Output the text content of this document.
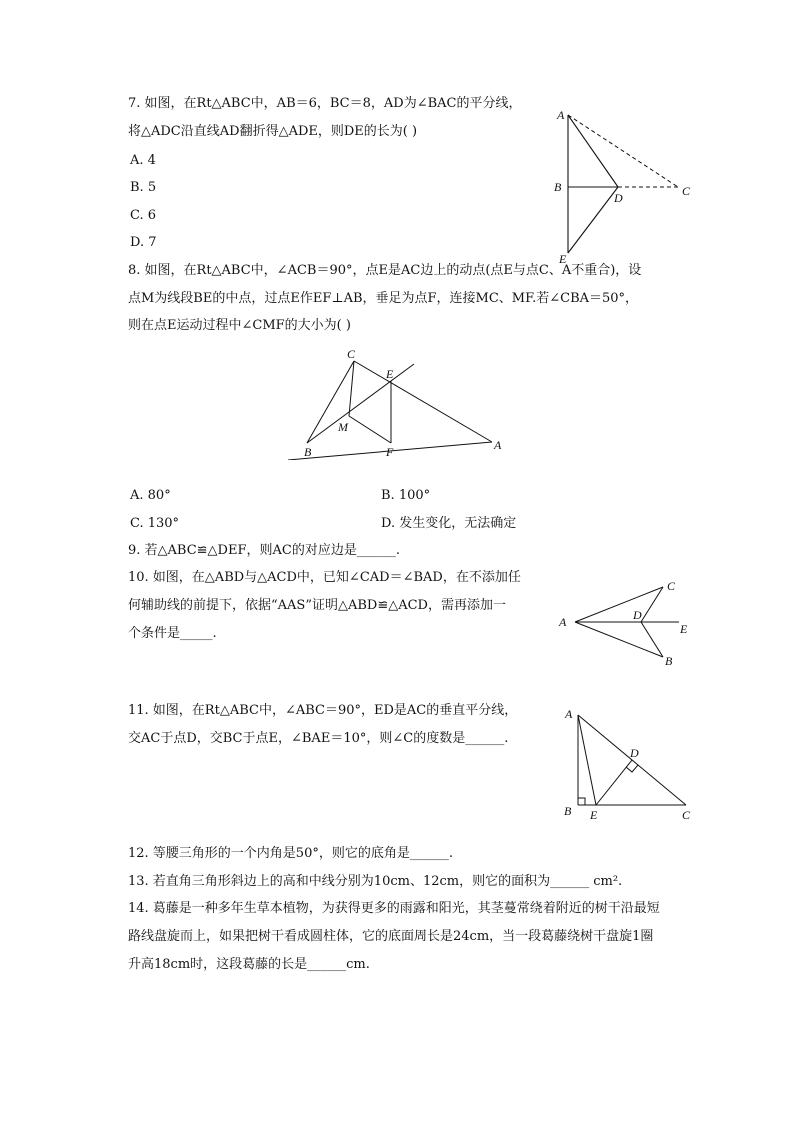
7. 如图，在Rt△ABC中，AB＝6，BC＝8，AD为∠BAC的平分线，
将△ADC沿直线AD翻折得△ADE，则DE的长为( )
A. 4
B. 5
C. 6
D. 7
A
B	C
D
E
8. 如图，在Rt△ABC中，∠ACB＝90°，点E是AC边上的动点(点E与点C、A不重合)，设
点M为线段BE的中点，过点E作EF⊥AB，垂足为点F，连接MC、MF.若∠CBA＝50°，
则在点E运动过程中∠CMF的大小为( )
C
E
M
B	F	A
A. 80°	B. 100°
C. 130°	D. 发生变化，无法确定
9. 若△ABC≌△DEF，则AC的对应边是______.
10. 如图，在△ABD与△ACD中，已知∠CAD＝∠BAD，在不添加任
何辅助线的前提下，依据“AAS”证明△ABD≌△ACD，需再添加一
个条件是_____.
A
C
D
E
B
11. 如图，在Rt△ABC中，∠ABC＝90°，ED是AC的垂直平分线，
交AC于点D，交BC于点E，∠BAE＝10°，则∠C的度数是______.
A
D
B E	C
12. 等腰三角形的一个内角是50°，则它的底角是______.
13. 若直角三角形斜边上的高和中线分别为10cm、12cm，则它的面积为______ cm².
14. 葛藤是一种多年生草本植物，为获得更多的雨露和阳光，其茎蔓常绕着附近的树干沿最短
路线盘旋而上，如果把树干看成圆柱体，它的底面周长是24cm，当一段葛藤绕树干盘旋1圈
升高18cm时，这段葛藤的长是______cm.
